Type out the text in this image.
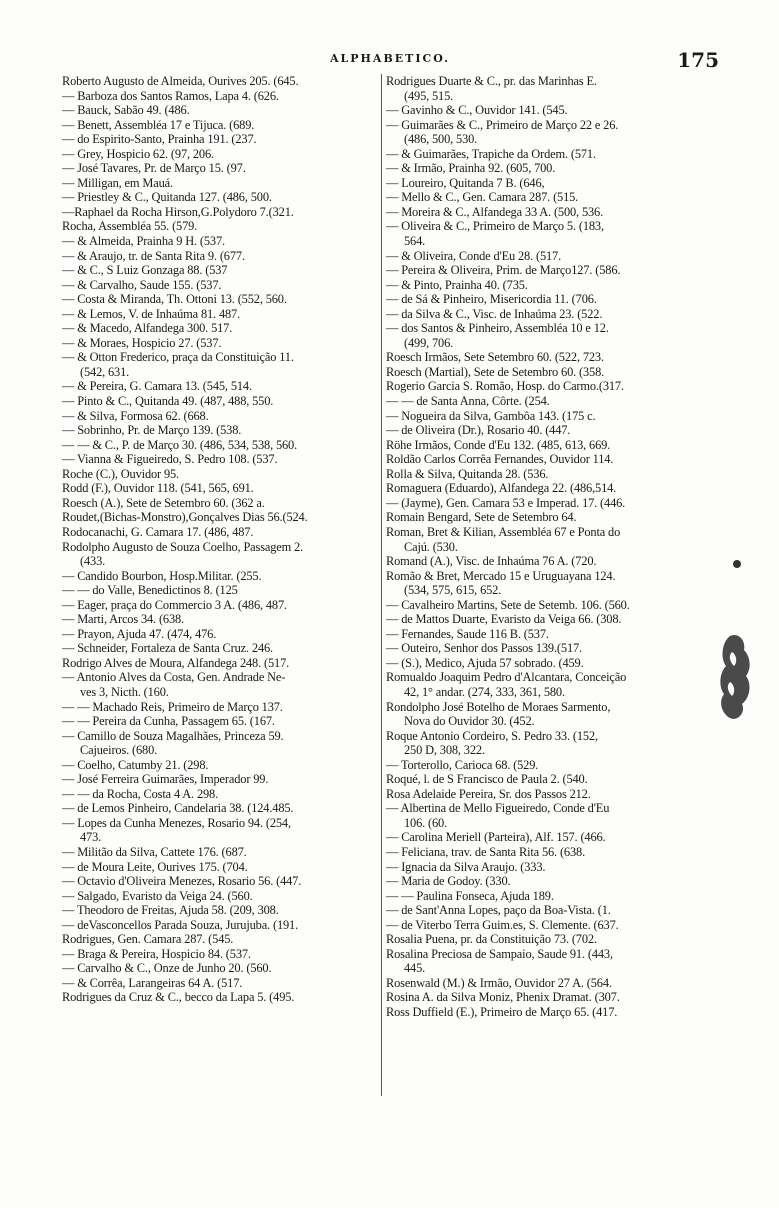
ALPHABETICO.	175
Roberto Augusto de Almeida, Ourives 205. (645.
— Barboza dos Santos Ramos, Lapa 4. (626.
— Bauck, Sabão 49. (486.
— Benett, Assembléa 17 e Tijuca. (689.
— do Espirito-Santo, Prainha 191. (237.
— Grey, Hospicio 62. (97, 206.
— José Tavares, Pr. de Março 15. (97.
— Milligan, em Mauá.
— Priestley & C., Quitanda 127. (486, 500.
—Raphael da Rocha Hirson,G.Polydoro 7.(321.
Rocha, Assembléa 55. (579.
— & Almeida, Prainha 9 H. (537.
— & Araujo, tr. de Santa Rita 9. (677.
— & C., S Luiz Gonzaga 88. (537
— & Carvalho, Saude 155. (537.
— Costa & Miranda, Th. Ottoni 13. (552, 560.
— & Lemos, V. de Inhaúma 81. 487.
— & Macedo, Alfandega 300. 517.
— & Moraes, Hospicio 27. (537.
— & Otton Frederico, praça da Constituição 11.
(542, 631.
— & Pereira, G. Camara 13. (545, 514.
— Pinto & C., Quitanda 49. (487, 488, 550.
— & Silva, Formosa 62. (668.
— Sobrinho, Pr. de Março 139. (538.
— — & C., P. de Março 30. (486, 534, 538, 560.
— Vianna & Figueiredo, S. Pedro 108. (537.
Roche (C.), Ouvidor 95.
Rodd (F.), Ouvidor 118. (541, 565, 691.
Roesch (A.), Sete de Setembro 60. (362 a.
Roudet,(Bichas-Monstro),Gonçalves Dias 56.(524.
Rodocanachi, G. Camara 17. (486, 487.
Rodolpho Augusto de Souza Coelho, Passagem 2.
(433.
— Candido Bourbon, Hosp.Militar. (255.
— — do Valle, Benedictinos 8. (125
— Eager, praça do Commercio 3 A. (486, 487.
— Marti, Arcos 34. (638.
— Prayon, Ajuda 47. (474, 476.
— Schneider, Fortaleza de Santa Cruz. 246.
Rodrigo Alves de Moura, Alfandega 248. (517.
— Antonio Alves da Costa, Gen. Andrade Ne-
ves 3, Nicth. (160.
— — Machado Reis, Primeiro de Março 137.
— — Pereira da Cunha, Passagem 65. (167.
— Camillo de Souza Magalhães, Princeza 59.
Cajueiros. (680.
— Coelho, Catumby 21. (298.
— José Ferreira Guimarães, Imperador 99.
— — da Rocha, Costa 4 A. 298.
— de Lemos Pinheiro, Candelaria 38. (124.485.
— Lopes da Cunha Menezes, Rosario 94. (254,
473.
— Militão da Silva, Cattete 176. (687.
— de Moura Leite, Ourives 175. (704.
— Octavio d'Oliveira Menezes, Rosario 56. (447.
— Salgado, Evaristo da Veiga 24. (560.
— Theodoro de Freitas, Ajuda 58. (209, 308.
— deVasconcellos Parada Souza, Jurujuba. (191.
Rodrigues, Gen. Camara 287. (545.
— Braga & Pereira, Hospicio 84. (537.
— Carvalho & C., Onze de Junho 20. (560.
— & Corrêa, Larangeiras 64 A. (517.
Rodrigues da Cruz & C., becco da Lapa 5. (495.
Rodrigues Duarte & C., pr. das Marinhas E.
(495, 515.
— Gavinho & C., Ouvidor 141. (545.
— Guimarães & C., Primeiro de Março 22 e 26.
(486, 500, 530.
— & Guimarães, Trapiche da Ordem. (571.
— & Irmão, Prainha 92. (605, 700.
— Loureiro, Quitanda 7 B. (646,
— Mello & C., Gen. Camara 287. (515.
— Moreira & C., Alfandega 33 A. (500, 536.
— Oliveira & C., Primeiro de Março 5. (183,
564.
— & Oliveira, Conde d'Eu 28. (517.
— Pereira & Oliveira, Prim. de Março127. (586.
— & Pinto, Prainha 40. (735.
— de Sá & Pinheiro, Misericordia 11. (706.
— da Silva & C., Visc. de Inhaúma 23. (522.
— dos Santos & Pinheiro, Assembléa 10 e 12.
(499, 706.
Roesch Irmãos, Sete Setembro 60. (522, 723.
Roesch (Martial), Sete de Setembro 60. (358.
Rogerio Garcia S. Romão, Hosp. do Carmo.(317.
— — de Santa Anna, Côrte. (254.
— Nogueira da Silva, Gambôa 143. (175 c.
— de Oliveira (Dr.), Rosario 40. (447.
Röhe Irmãos, Conde d'Eu 132. (485, 613, 669.
Roldão Carlos Corrêa Fernandes, Ouvidor 114.
Rolla & Silva, Quitanda 28. (536.
Romaguera (Eduardo), Alfandega 22. (486,514.
— (Jayme), Gen. Camara 53 e Imperad. 17. (446.
Romain Bengard, Sete de Setembro 64.
Roman, Bret & Kilian, Assembléa 67 e Ponta do
Cajú. (530.
Romand (A.), Visc. de Inhaúma 76 A. (720.
Romão & Bret, Mercado 15 e Uruguayana 124.
(534, 575, 615, 652.
— Cavalheiro Martins, Sete de Setemb. 106. (560.
— de Mattos Duarte, Evaristo da Veiga 66. (308.
— Fernandes, Saude 116 B. (537.
— Outeiro, Senhor dos Passos 139.(517.
— (S.), Medico, Ajuda 57 sobrado. (459.
Romualdo Joaquim Pedro d'Alcantara, Conceição
42, 1° andar. (274, 333, 361, 580.
Rondolpho José Botelho de Moraes Sarmento,
Nova do Ouvidor 30. (452.
Roque Antonio Cordeiro, S. Pedro 33. (152,
250 D, 308, 322.
— Torterollo, Carioca 68. (529.
Roqué, l. de S Francisco de Paula 2. (540.
Rosa Adelaide Pereira, Sr. dos Passos 212.
— Albertina de Mello Figueiredo, Conde d'Eu
106. (60.
— Carolina Meriell (Parteira), Alf. 157. (466.
— Feliciana, trav. de Santa Rita 56. (638.
— Ignacia da Silva Araujo. (333.
— Maria de Godoy. (330.
— — Paulina Fonseca, Ajuda 189.
— de Sant'Anna Lopes, paço da Boa-Vista. (1.
— de Viterbo Terra Guim.es, S. Clemente. (637.
Rosalia Puena, pr. da Constituição 73. (702.
Rosalina Preciosa de Sampaio, Saude 91. (443,
445.
Rosenwald (M.) & Irmão, Ouvidor 27 A. (564.
Rosina A. da Silva Moniz, Phenix Dramat. (307.
Ross Duffield (E.), Primeiro de Março 65. (417.
